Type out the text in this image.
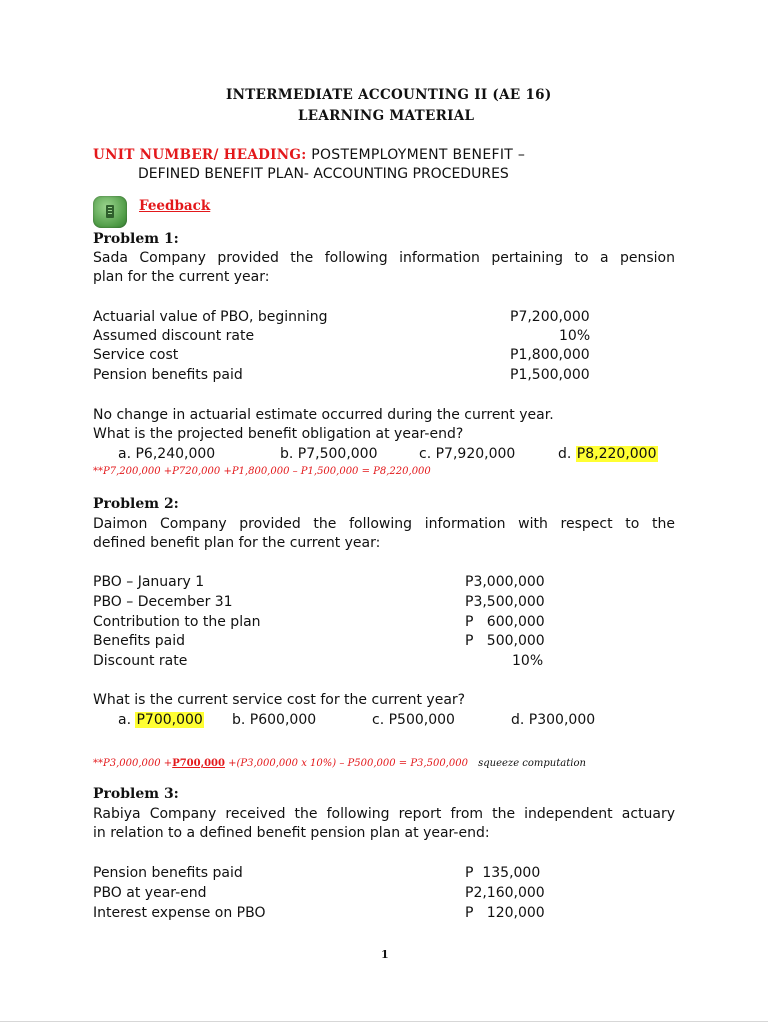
INTERMEDIATE ACCOUNTING II (AE 16)
LEARNING MATERIAL
UNIT NUMBER/ HEADING: POSTEMPLOYMENT BENEFIT –
DEFINED BENEFIT PLAN- ACCOUNTING PROCEDURES
Feedback
Problem 1:
Sada Company provided the following information pertaining to a pension
plan for the current year:
Actuarial value of PBO, beginning	P7,200,000
Assumed discount rate	10%
Service cost	P1,800,000
Pension benefits paid	P1,500,000
No change in actuarial estimate occurred during the current year.
What is the projected benefit obligation at year-end?
a. P6,240,000	b. P7,500,000	c. P7,920,000	d. P8,220,000
**P7,200,000 +P720,000 +P1,800,000 – P1,500,000 = P8,220,000
Problem 2:
Daimon Company provided the following information with respect to the
defined benefit plan for the current year:
PBO – January 1	P3,000,000
PBO – December 31	P3,500,000
Contribution to the plan	P   600,000
Benefits paid	P   500,000
Discount rate	10%
What is the current service cost for the current year?
a. P700,000 b. P600,000	c. P500,000	d. P300,000
**P3,000,000 +P700,000 +(P3,000,000 x 10%) – P500,000 = P3,500,000 squeeze computation
Problem 3:
Rabiya Company received the following report from the independent actuary
in relation to a defined benefit pension plan at year-end:
Pension benefits paid	P  135,000
PBO at year-end	P2,160,000
Interest expense on PBO	P   120,000
1
